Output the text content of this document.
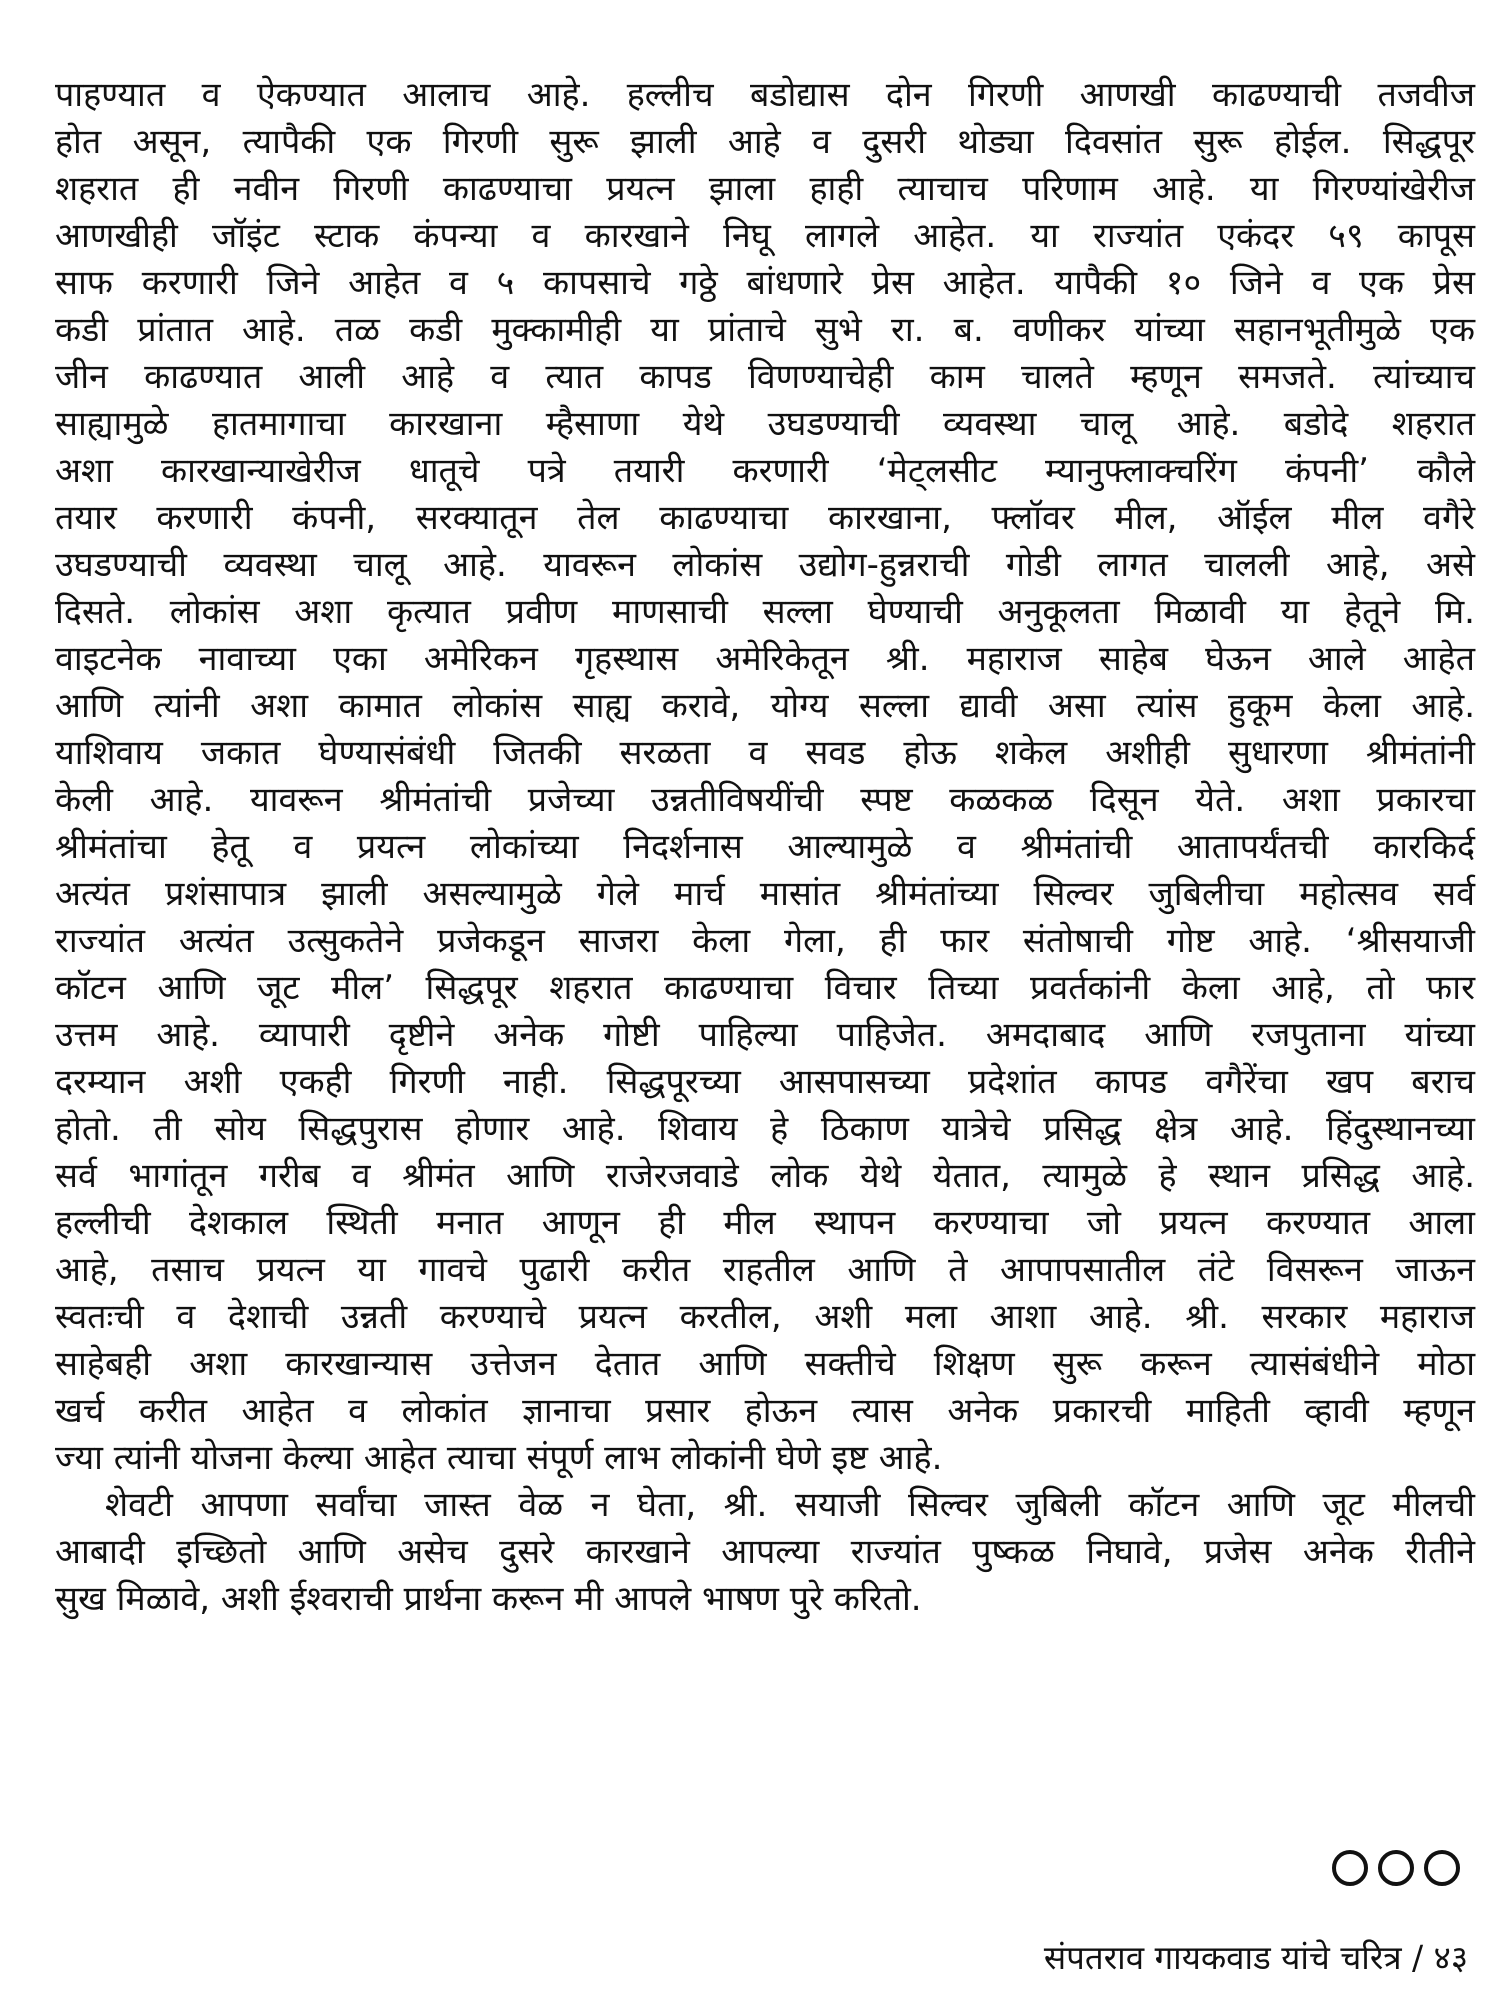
पाहण्यात व ऐकण्यात आलाच आहे. हल्लीच बडोद्यास दोन गिरणी आणखी काढण्याची तजवीज
होत असून, त्यापैकी एक गिरणी सुरू झाली आहे व दुसरी थोड्या दिवसांत सुरू होईल. सिद्धपूर
शहरात ही नवीन गिरणी काढण्याचा प्रयत्न झाला हाही त्याचाच परिणाम आहे. या गिरण्यांखेरीज
आणखीही जॉइंट स्टाक कंपन्या व कारखाने निघू लागले आहेत. या राज्यांत एकंदर ५९ कापूस
साफ करणारी जिने आहेत व ५ कापसाचे गठ्ठे बांधणारे प्रेस आहेत. यापैकी १० जिने व एक प्रेस
कडी प्रांतात आहे. तळ कडी मुक्कामीही या प्रांताचे सुभे रा. ब. वणीकर यांच्या सहानभूतीमुळे एक
जीन काढण्यात आली आहे व त्यात कापड विणण्याचेही काम चालते म्हणून समजते. त्यांच्याच
साह्यामुळे हातमागाचा कारखाना म्हैसाणा येथे उघडण्याची व्यवस्था चालू आहे. बडोदे शहरात
अशा कारखान्याखेरीज धातूचे पत्रे तयारी करणारी ‘मेट्लसीट म्यानुफ्लाक्चरिंग कंपनी’ कौले
तयार करणारी कंपनी, सरक्यातून तेल काढण्याचा कारखाना, फ्लॉवर मील, ऑईल मील वगैरे
उघडण्याची व्यवस्था चालू आहे. यावरून लोकांस उद्योग-हुन्नराची गोडी लागत चालली आहे, असे
दिसते. लोकांस अशा कृत्यात प्रवीण माणसाची सल्ला घेण्याची अनुकूलता मिळावी या हेतूने मि.
वाइटनेक नावाच्या एका अमेरिकन गृहस्थास अमेरिकेतून श्री. महाराज साहेब घेऊन आले आहेत
आणि त्यांनी अशा कामात लोकांस साह्य करावे, योग्य सल्ला द्यावी असा त्यांस हुकूम केला आहे.
याशिवाय जकात घेण्यासंबंधी जितकी सरळता व सवड होऊ शकेल अशीही सुधारणा श्रीमंतांनी
केली आहे. यावरून श्रीमंतांची प्रजेच्या उन्नतीविषयींची स्पष्ट कळकळ दिसून येते. अशा प्रकारचा
श्रीमंतांचा हेतू व प्रयत्न लोकांच्या निदर्शनास आल्यामुळे व श्रीमंतांची आतापर्यंतची कारकिर्द
अत्यंत प्रशंसापात्र झाली असल्यामुळे गेले मार्च मासांत श्रीमंतांच्या सिल्वर जुबिलीचा महोत्सव सर्व
राज्यांत अत्यंत उत्सुकतेने प्रजेकडून साजरा केला गेला, ही फार संतोषाची गोष्ट आहे. ‘श्रीसयाजी
कॉटन आणि जूट मील’ सिद्धपूर शहरात काढण्याचा विचार तिच्या प्रवर्तकांनी केला आहे, तो फार
उत्तम आहे. व्यापारी दृष्टीने अनेक गोष्टी पाहिल्या पाहिजेत. अमदाबाद आणि रजपुताना यांच्या
दरम्यान अशी एकही गिरणी नाही. सिद्धपूरच्या आसपासच्या प्रदेशांत कापड वगैरेंचा खप बराच
होतो. ती सोय सिद्धपुरास होणार आहे. शिवाय हे ठिकाण यात्रेचे प्रसिद्ध क्षेत्र आहे. हिंदुस्थानच्या
सर्व भागांतून गरीब व श्रीमंत आणि राजेरजवाडे लोक येथे येतात, त्यामुळे हे स्थान प्रसिद्ध आहे.
हल्लीची देशकाल स्थिती मनात आणून ही मील स्थापन करण्याचा जो प्रयत्न करण्यात आला
आहे, तसाच प्रयत्न या गावचे पुढारी करीत राहतील आणि ते आपापसातील तंटे विसरून जाऊन
स्वतःची व देशाची उन्नती करण्याचे प्रयत्न करतील, अशी मला आशा आहे. श्री. सरकार महाराज
साहेबही अशा कारखान्यास उत्तेजन देतात आणि सक्तीचे शिक्षण सुरू करून त्यासंबंधीने मोठा
खर्च करीत आहेत व लोकांत ज्ञानाचा प्रसार होऊन त्यास अनेक प्रकारची माहिती व्हावी म्हणून
ज्या त्यांनी योजना केल्या आहेत त्याचा संपूर्ण लाभ लोकांनी घेणे इष्ट आहे.
शेवटी आपणा सर्वांचा जास्त वेळ न घेता, श्री. सयाजी सिल्वर जुबिली कॉटन आणि जूट मीलची
आबादी इच्छितो आणि असेच दुसरे कारखाने आपल्या राज्यांत पुष्कळ निघावे, प्रजेस अनेक रीतीने
सुख मिळावे, अशी ईश्वराची प्रार्थना करून मी आपले भाषण पुरे करितो.
संपतराव गायकवाड यांचे चरित्र / ४३
